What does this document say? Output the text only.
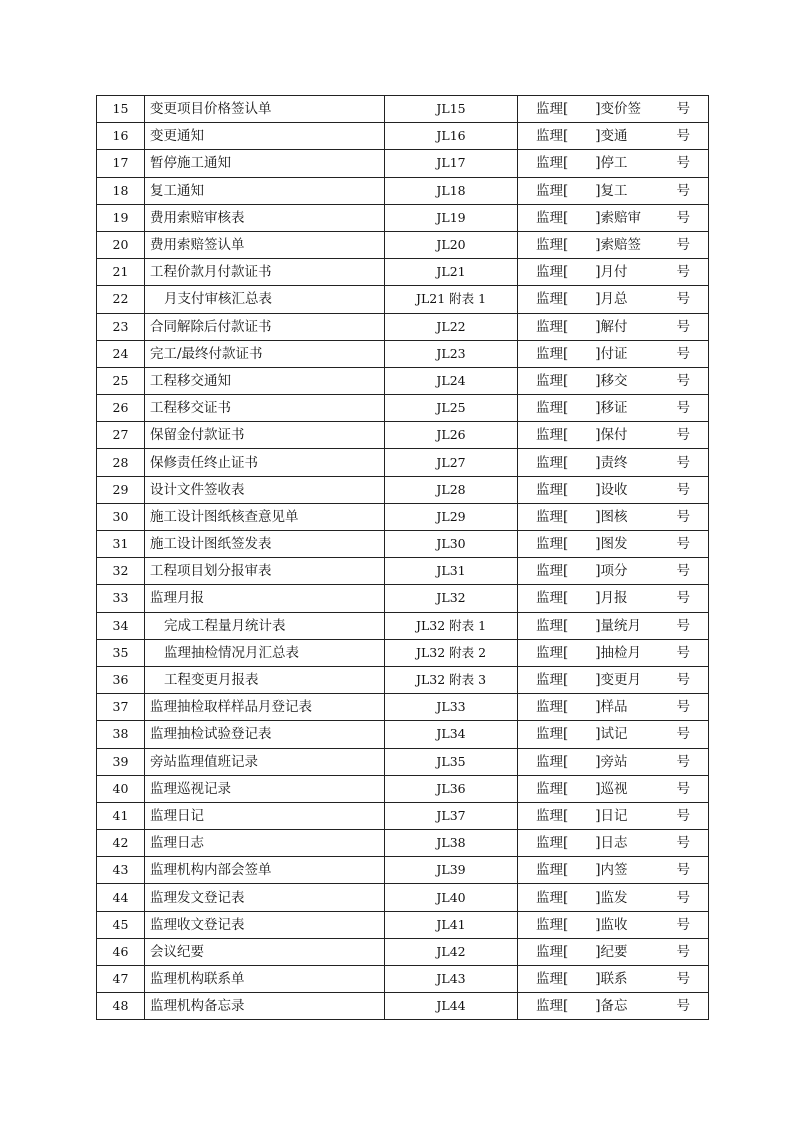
15	变更项目价格签认单	JL15	监理[　　]变价签 号

16	变更通知	JL16	监理[　　]变通 号

17	暂停施工通知	JL17	监理[　　]停工 号

18	复工通知	JL18	监理[　　]复工 号

19	费用索赔审核表	JL19	监理[　　]索赔审 号

20	费用索赔签认单	JL20	监理[　　]索赔签 号

21	工程价款月付款证书	JL21	监理[　　]月付 号

22	月支付审核汇总表	JL21 附表 1	监理[　　]月总 号

23	合同解除后付款证书	JL22	监理[　　]解付 号

24	完工/最终付款证书	JL23	监理[　　]付证 号

25	工程移交通知	JL24	监理[　　]移交 号

26	工程移交证书	JL25	监理[　　]移证 号

27	保留金付款证书	JL26	监理[　　]保付 号

28	保修责任终止证书	JL27	监理[　　]责终 号

29	设计文件签收表	JL28	监理[　　]设收 号

30	施工设计图纸核查意见单	JL29	监理[　　]图核 号

31	施工设计图纸签发表	JL30	监理[　　]图发 号

32	工程项目划分报审表	JL31	监理[　　]项分 号

33	监理月报	JL32	监理[　　]月报 号

34	完成工程量月统计表	JL32 附表 1	监理[　　]量统月 号

35	监理抽检情况月汇总表	JL32 附表 2	监理[　　]抽检月 号

36	工程变更月报表	JL32 附表 3	监理[　　]变更月 号

37	监理抽检取样样品月登记表	JL33	监理[　　]样品 号

38	监理抽检试验登记表	JL34	监理[　　]试记 号

39	旁站监理值班记录	JL35	监理[　　]旁站 号

40	监理巡视记录	JL36	监理[　　]巡视 号

41	监理日记	JL37	监理[　　]日记 号

42	监理日志	JL38	监理[　　]日志 号

43	监理机构内部会签单	JL39	监理[　　]内签 号

44	监理发文登记表	JL40	监理[　　]监发 号

45	监理收文登记表	JL41	监理[　　]监收 号

46	会议纪要	JL42	监理[　　]纪要 号

47	监理机构联系单	JL43	监理[　　]联系 号

48	监理机构备忘录	JL44	监理[　　]备忘 号
